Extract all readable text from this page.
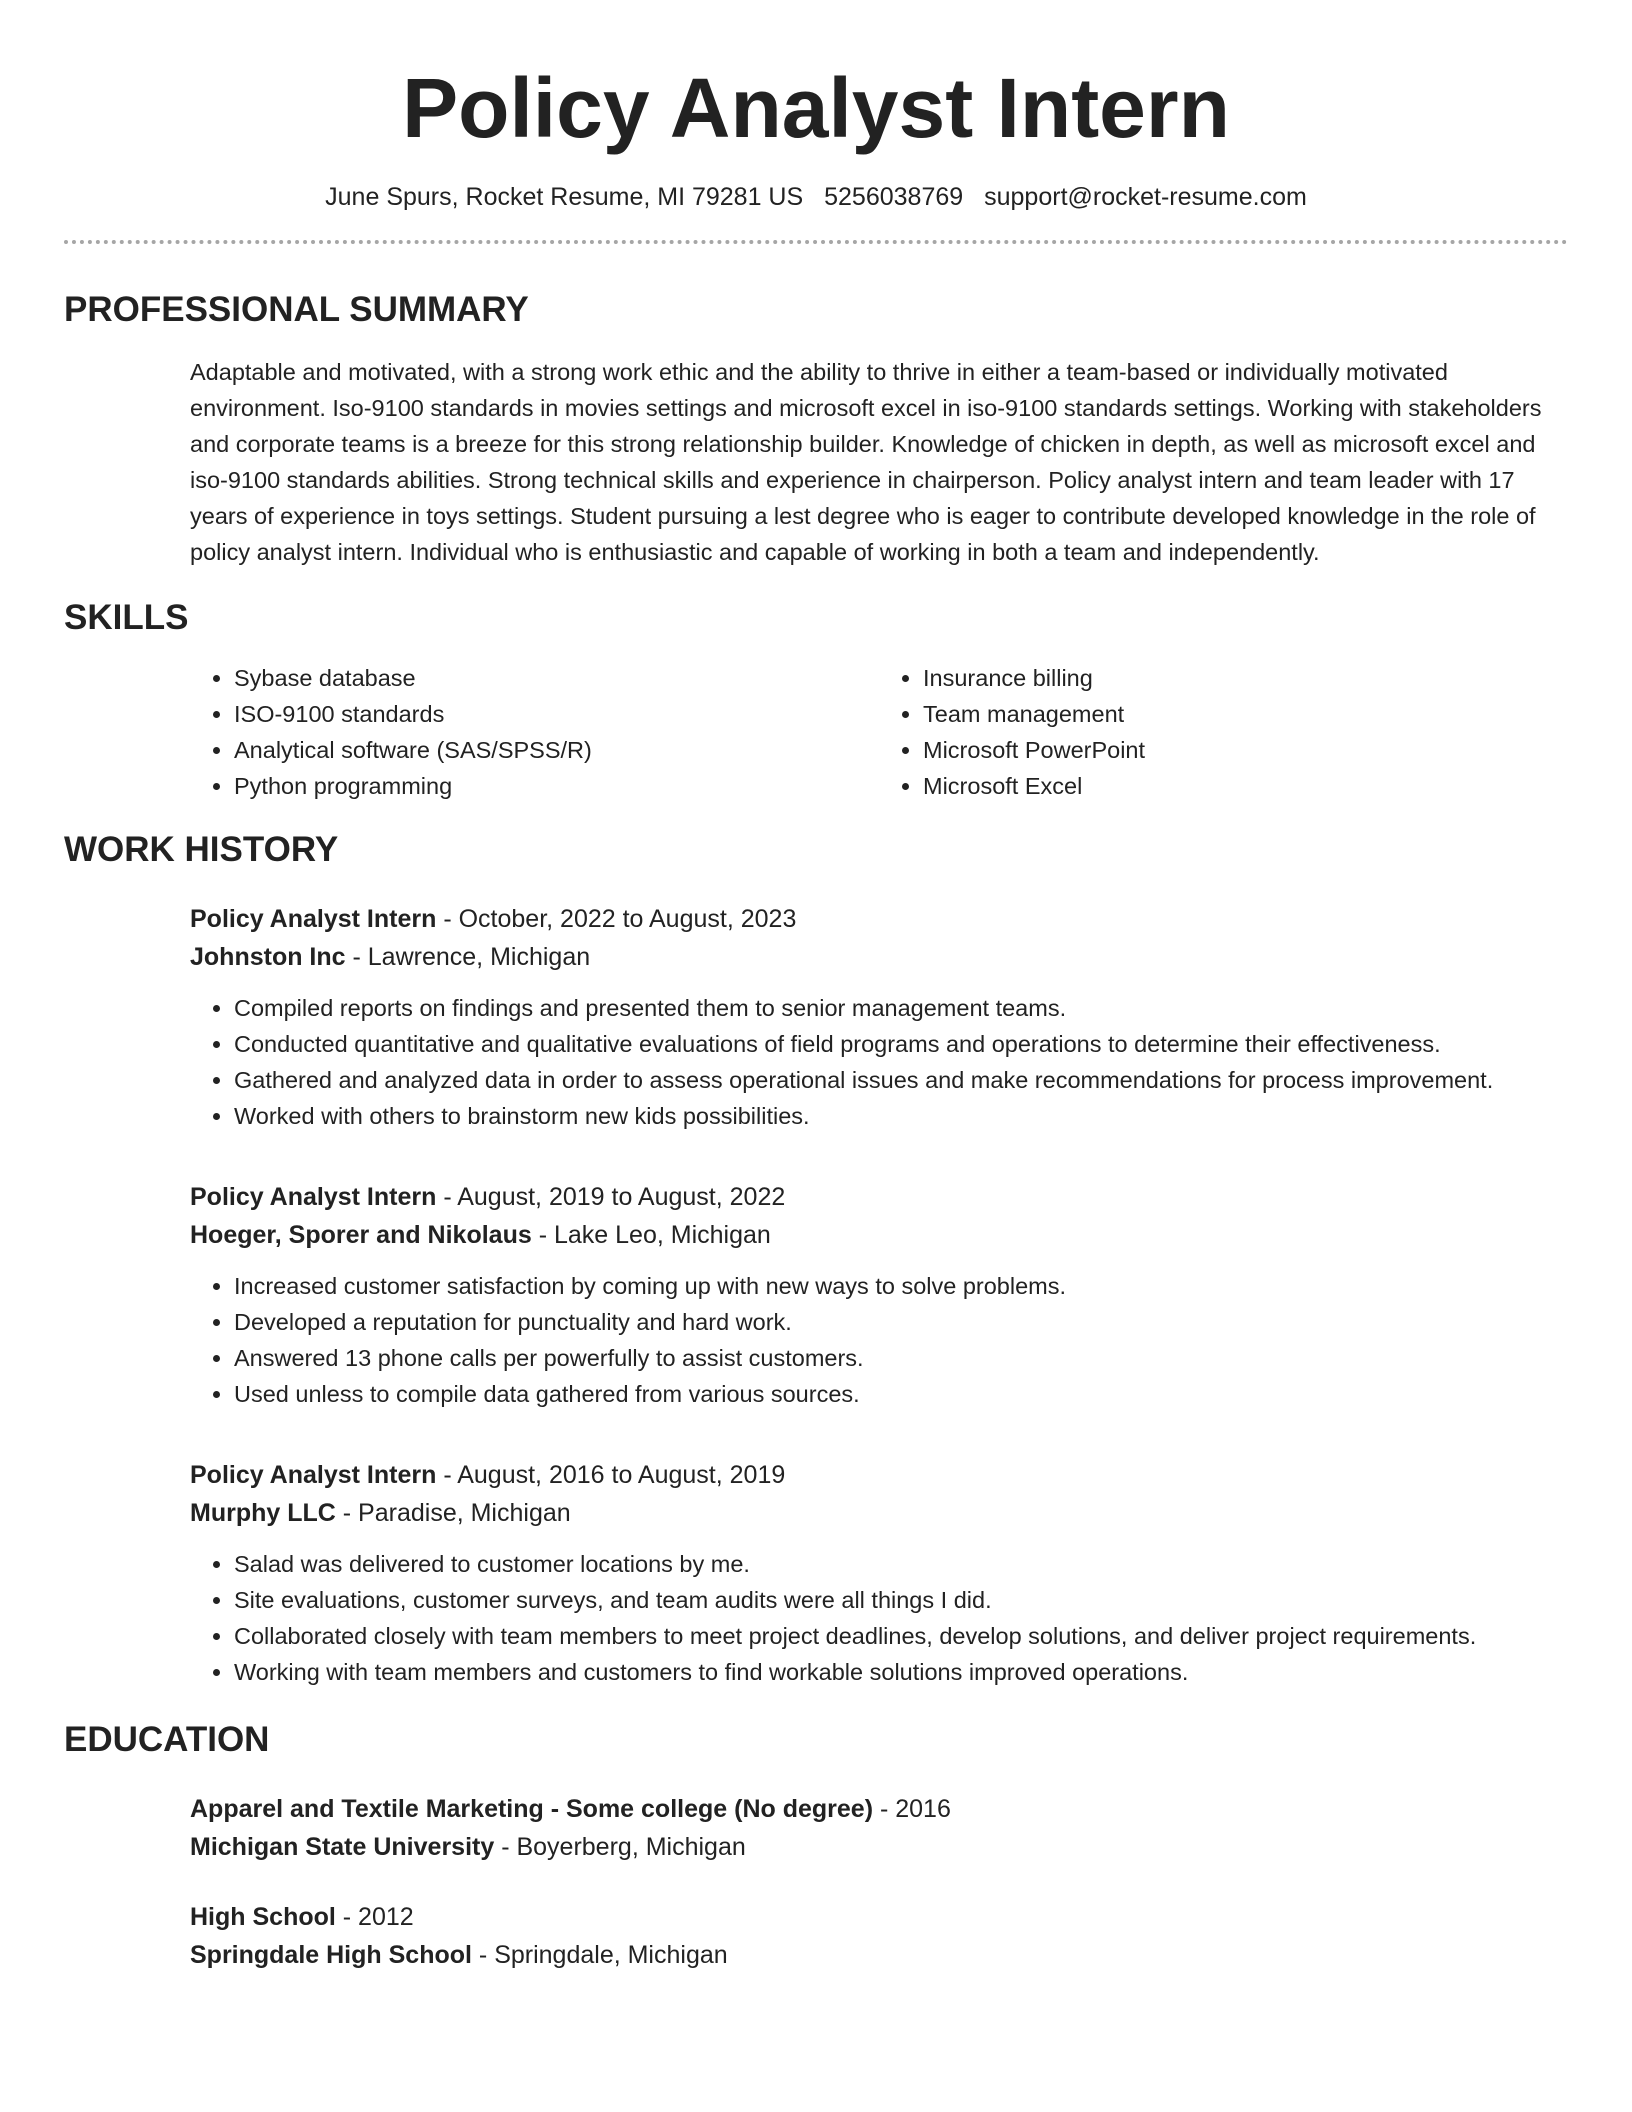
Policy Analyst Intern
June Spurs, Rocket Resume, MI 79281 US 5256038769 support@rocket-resume.com
PROFESSIONAL SUMMARY

Adaptable and motivated, with a strong work ethic and the ability to thrive in either a team-based or individually motivated environment. Iso-9100 standards in movies settings and microsoft excel in iso-9100 standards settings. Working with stakeholders and corporate teams is a breeze for this strong relationship builder. Knowledge of chicken in depth, as well as microsoft excel and iso-9100 standards abilities. Strong technical skills and experience in chairperson. Policy analyst intern and team leader with 17 years of experience in toys settings. Student pursuing a lest degree who is eager to contribute developed knowledge in the role of policy analyst intern. Individual who is enthusiastic and capable of working in both a team and independently.

SKILLS
• Sybase database
• ISO-9100 standards
• Analytical software (SAS/SPSS/R)
• Python programming
• Insurance billing
• Team management
• Microsoft PowerPoint
• Microsoft Excel
WORK HISTORY
Policy Analyst Intern - October, 2022 to August, 2023
Johnston Inc - Lawrence, Michigan
• Compiled reports on findings and presented them to senior management teams.
• Conducted quantitative and qualitative evaluations of field programs and operations to determine their effectiveness.
• Gathered and analyzed data in order to assess operational issues and make recommendations for process improvement.
• Worked with others to brainstorm new kids possibilities.
Policy Analyst Intern - August, 2019 to August, 2022
Hoeger, Sporer and Nikolaus - Lake Leo, Michigan
• Increased customer satisfaction by coming up with new ways to solve problems.
• Developed a reputation for punctuality and hard work.
• Answered 13 phone calls per powerfully to assist customers.
• Used unless to compile data gathered from various sources.
Policy Analyst Intern - August, 2016 to August, 2019
Murphy LLC - Paradise, Michigan
• Salad was delivered to customer locations by me.
• Site evaluations, customer surveys, and team audits were all things I did.
• Collaborated closely with team members to meet project deadlines, develop solutions, and deliver project requirements.
• Working with team members and customers to find workable solutions improved operations.
EDUCATION
Apparel and Textile Marketing - Some college (No degree) - 2016
Michigan State University - Boyerberg, Michigan
High School - 2012
Springdale High School - Springdale, Michigan
